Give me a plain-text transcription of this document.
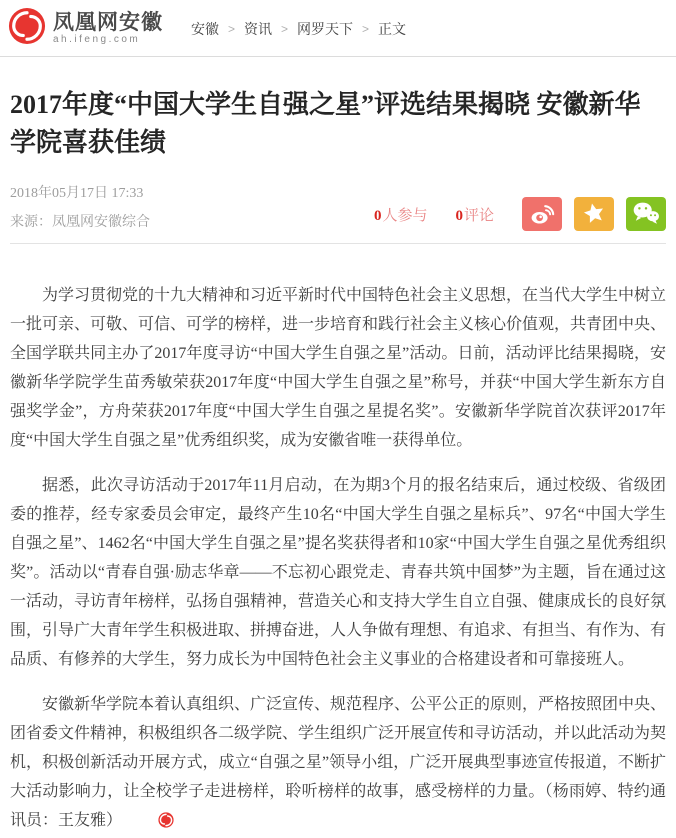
凤凰网安徽
ah.ifeng.com
安徽 > 资讯 > 网罗天下 > 正文
2017年度“中国大学生自强之星”评选结果揭晓 安徽新华学院喜获佳绩
2018年05月17日 17:33
来源：凤凰网安徽综合	0人参与 0评论

为学习贯彻党的十九大精神和习近平新时代中国特色社会主义思想，在当代大学生中树立一批可亲、可敬、可信、可学的榜样，进一步培育和践行社会主义核心价值观，共青团中央、全国学联共同主办了2017年度寻访“中国大学生自强之星”活动。日前，活动评比结果揭晓，安徽新华学院学生苗秀敏荣获2017年度“中国大学生自强之星”称号，并获“中国大学生新东方自强奖学金”，方舟荣获2017年度“中国大学生自强之星提名奖”。安徽新华学院首次获评2017年度“中国大学生自强之星”优秀组织奖，成为安徽省唯一获得单位。

据悉，此次寻访活动于2017年11月启动，在为期3个月的报名结束后，通过校级、省级团委的推荐，经专家委员会审定，最终产生10名“中国大学生自强之星标兵”、97名“中国大学生自强之星”、1462名“中国大学生自强之星”提名奖获得者和10家“中国大学生自强之星优秀组织奖”。活动以“青春自强·励志华章——不忘初心跟党走、青春共筑中国梦”为主题，旨在通过这一活动，寻访青年榜样，弘扬自强精神，营造关心和支持大学生自立自强、健康成长的良好氛围，引导广大青年学生积极进取、拼搏奋进，人人争做有理想、有追求、有担当、有作为、有品质、有修养的大学生，努力成长为中国特色社会主义事业的合格建设者和可靠接班人。

安徽新华学院本着认真组织、广泛宣传、规范程序、公平公正的原则，严格按照团中央、团省委文件精神，积极组织各二级学院、学生组织广泛开展宣传和寻访活动，并以此活动为契机，积极创新活动开展方式，成立“自强之星”领导小组，广泛开展典型事迹宣传报道，不断扩大活动影响力，让全校学子走进榜样，聆听榜样的故事，感受榜样的力量。（杨雨婷、特约通讯员：王友雅）
